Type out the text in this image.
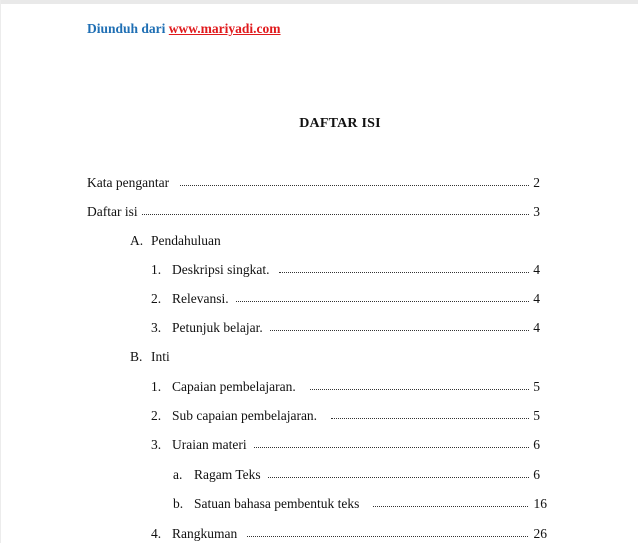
Diunduh dari www.mariyadi.com
DAFTAR ISI
Kata pengantar	2
Daftar isi	3
A. Pendahuluan
1. Deskripsi singkat.	4
2. Relevansi.	4
3. Petunjuk belajar.	4
B. Inti
1. Capaian pembelajaran.	5
2. Sub capaian pembelajaran.	5
3. Uraian materi	6
a. Ragam Teks	6
b. Satuan bahasa pembentuk teks	16
4. Rangkuman	26
